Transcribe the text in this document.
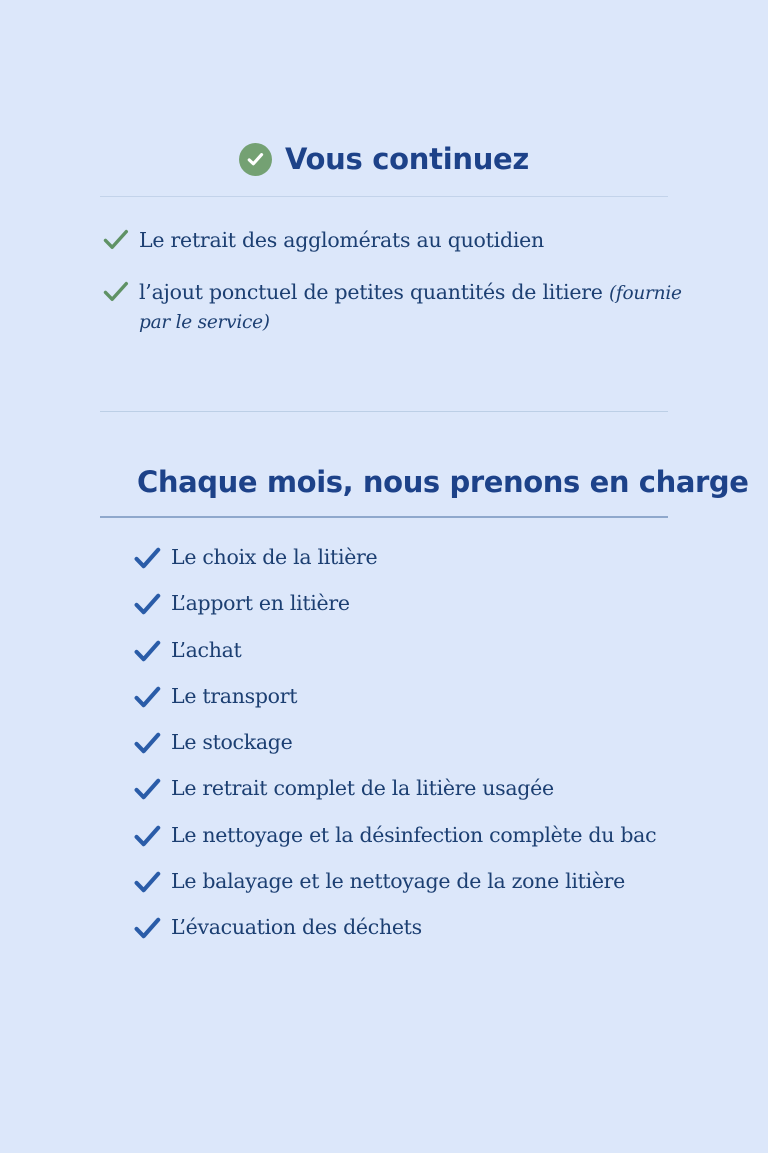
Vous continuez
Le retrait des agglomérats au quotidien
l’ajout ponctuel de petites quantités de litiere (fournie par le service)
Chaque mois, nous prenons en charge
Le choix de la litière
L’apport en litière
L’achat
Le transport
Le stockage
Le retrait complet de la litière usagée
Le nettoyage et la désinfection complète du bac
Le balayage et le nettoyage de la zone litière
L’évacuation des déchets
